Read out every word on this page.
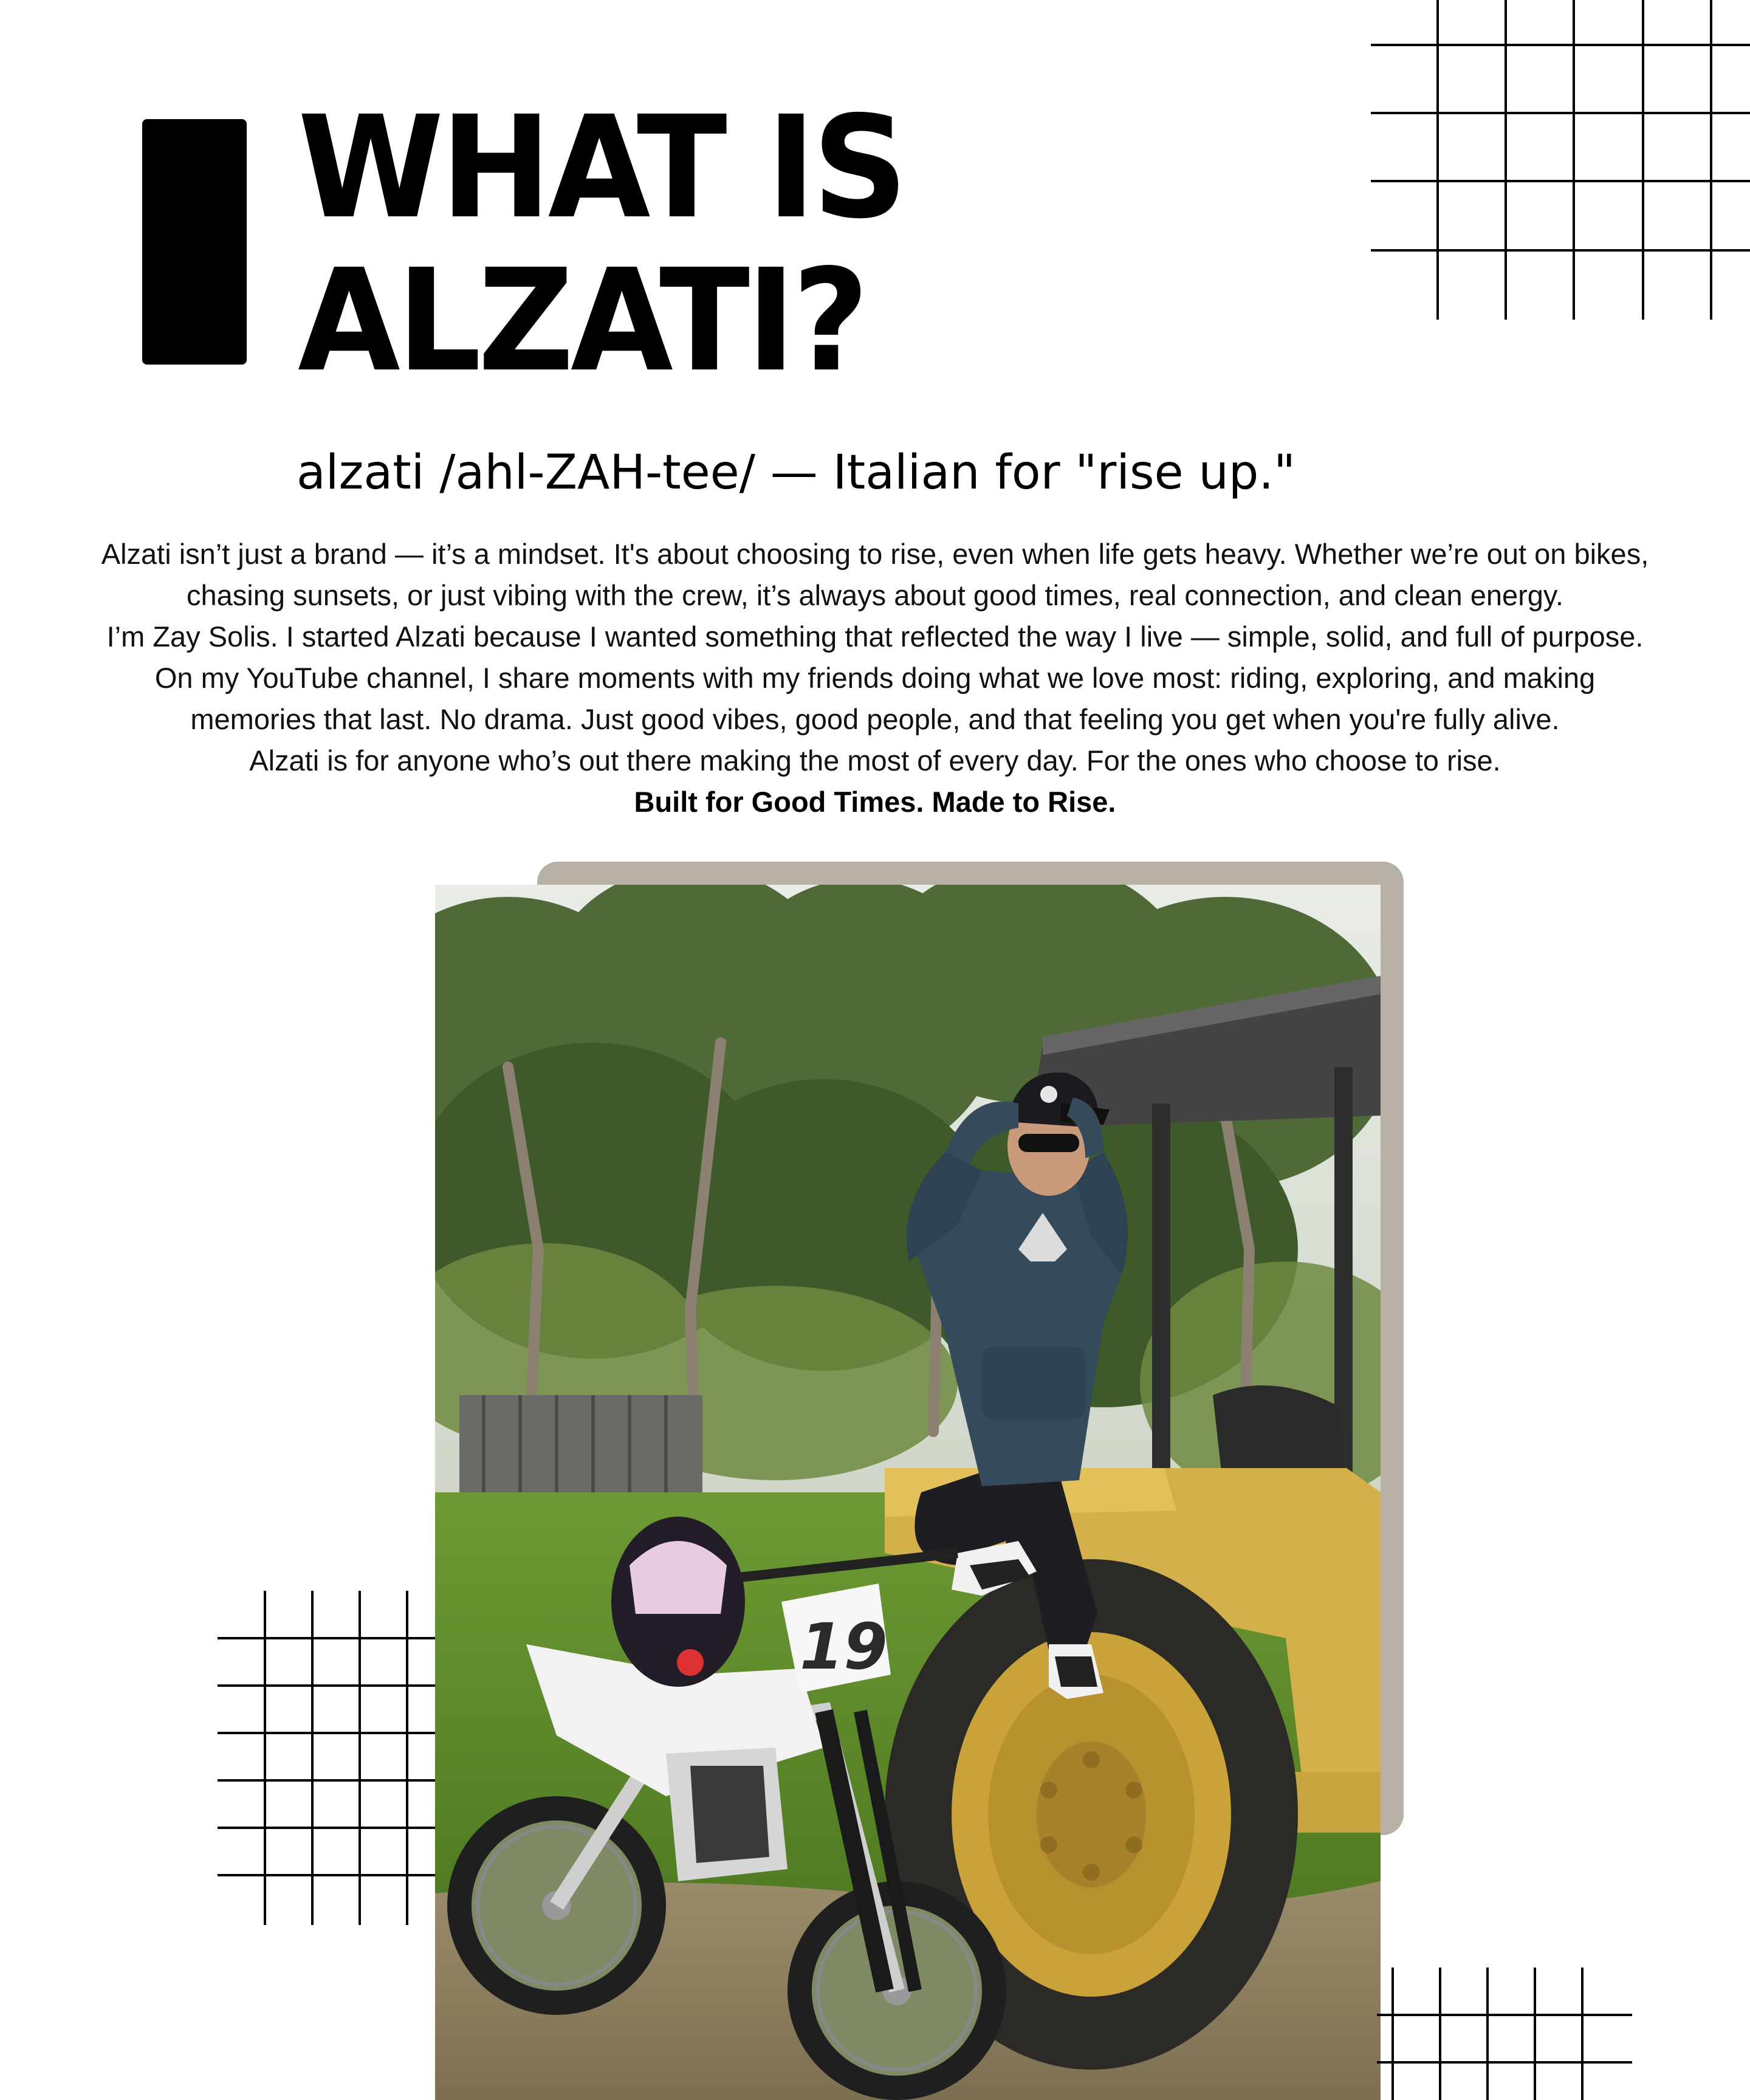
WHAT IS
ALZATI?

alzati /ahl-ZAH-tee/ — Italian for "rise up."

Alzati isn’t just a brand — it’s a mindset. It's about choosing to rise, even when life gets heavy. Whether we’re out on bikes, chasing sunsets, or just vibing with the crew, it’s always about good times, real connection, and clean energy.

I’m Zay Solis. I started Alzati because I wanted something that reflected the way I live — simple, solid, and full of purpose. On my YouTube channel, I share moments with my friends doing what we love most: riding, exploring, and making memories that last. No drama. Just good vibes, good people, and that feeling you get when you're fully alive.

Alzati is for anyone who’s out there making the most of every day. For the ones who choose to rise.

Built for Good Times. Made to Rise.

19
